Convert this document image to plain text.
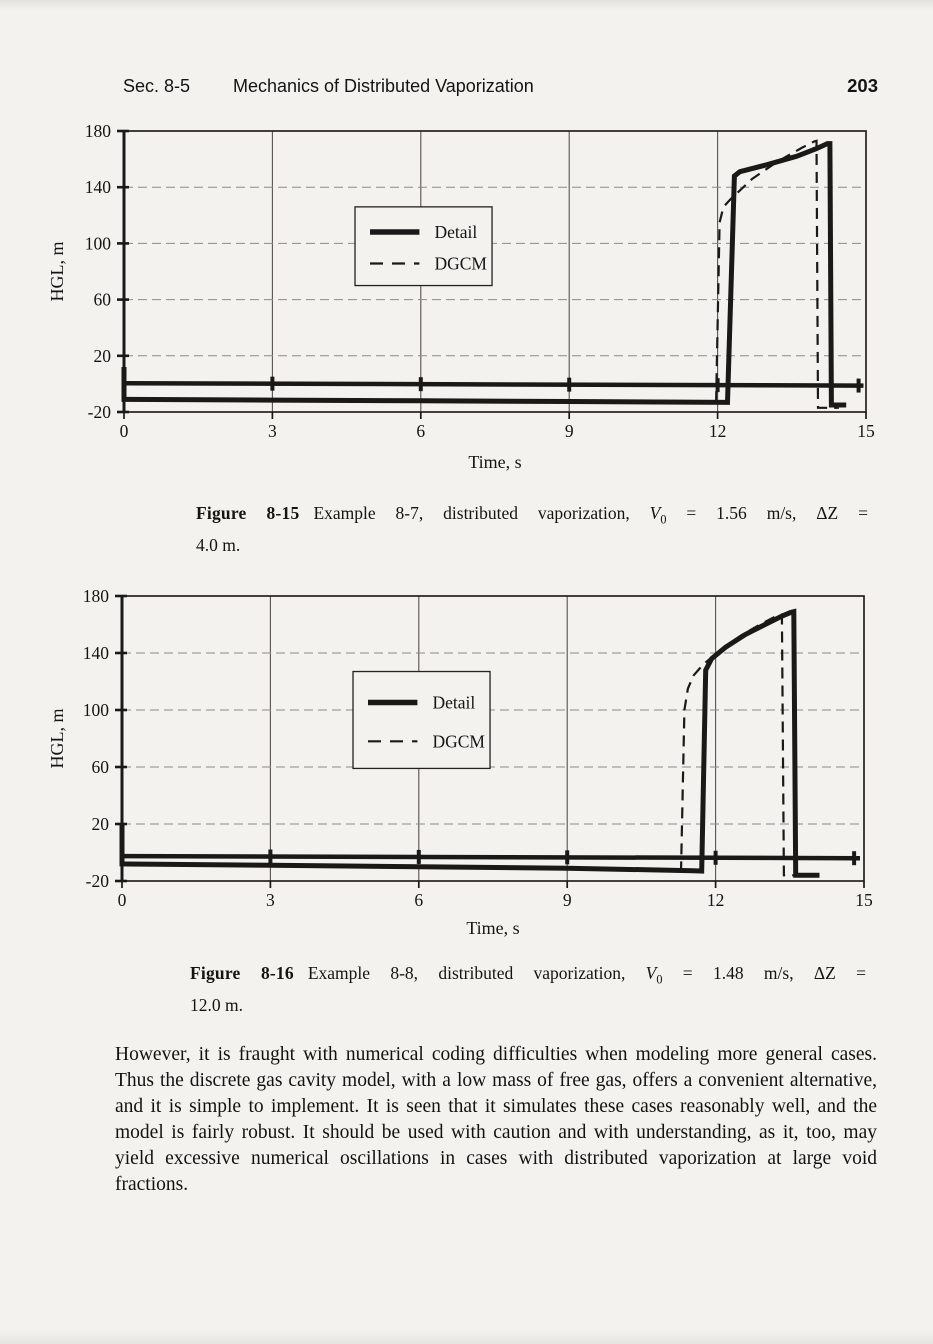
Sec. 8-5 Mechanics of Distributed Vaporization	203
180
140
100
60
20
-20
0	3	6	9	12	15
Time, s
HGL, m
Detail
DGCM
Figure 8-15 Example 8-7, distributed vaporization, $V_0 = 1.56$ m/s, ΔZ =
4.0 m.
180
140
100
60
20
-20
0	3	6	9	12	15
Time, s
HGL, m
Detail
DGCM
Figure 8-16 Example 8-8, distributed vaporization, $V_0 = 1.48$ m/s, ΔZ =
12.0 m.

However, it is fraught with numerical coding difficulties when modeling more general cases. Thus the discrete gas cavity model, with a low mass of free gas, offers a convenient alternative, and it is simple to implement. It is seen that it simulates these cases reasonably well, and the model is fairly robust. It should be used with caution and with understanding, as it, too, may yield excessive numerical oscillations in cases with distributed vaporization at large void fractions.
